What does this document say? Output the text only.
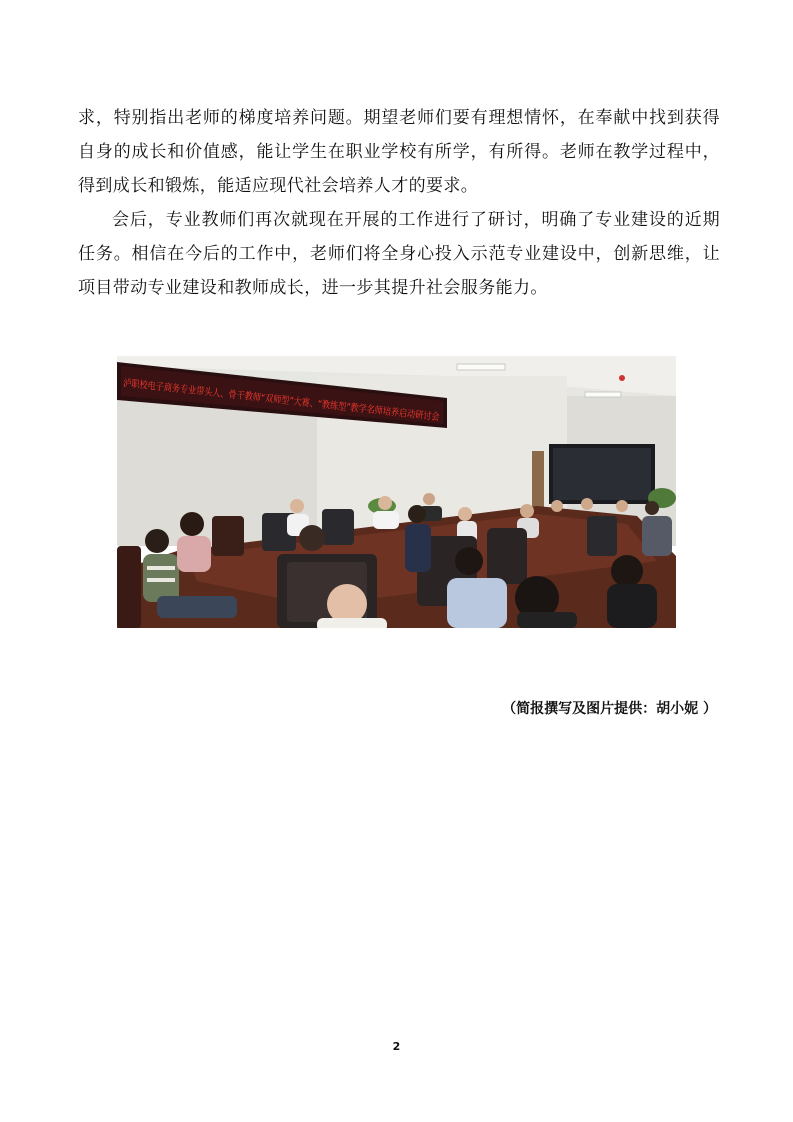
求，特别指出老师的梯度培养问题。期望老师们要有理想情怀，在奉献中找到获得自身的成长和价值感，能让学生在职业学校有所学，有所得。老师在教学过程中，得到成长和锻炼，能适应现代社会培养人才的要求。

会后，专业教师们再次就现在开展的工作进行了研讨，明确了专业建设的近期任务。相信在今后的工作中，老师们将全身心投入示范专业建设中，创新思维，让项目带动专业建设和教师成长，进一步其提升社会服务能力。

泸职校电子商务专业带头人、骨干教师“双师型”大赛、“教练型”教学名师培养启动研讨会
（简报撰写及图片提供：胡小妮 ）
2
